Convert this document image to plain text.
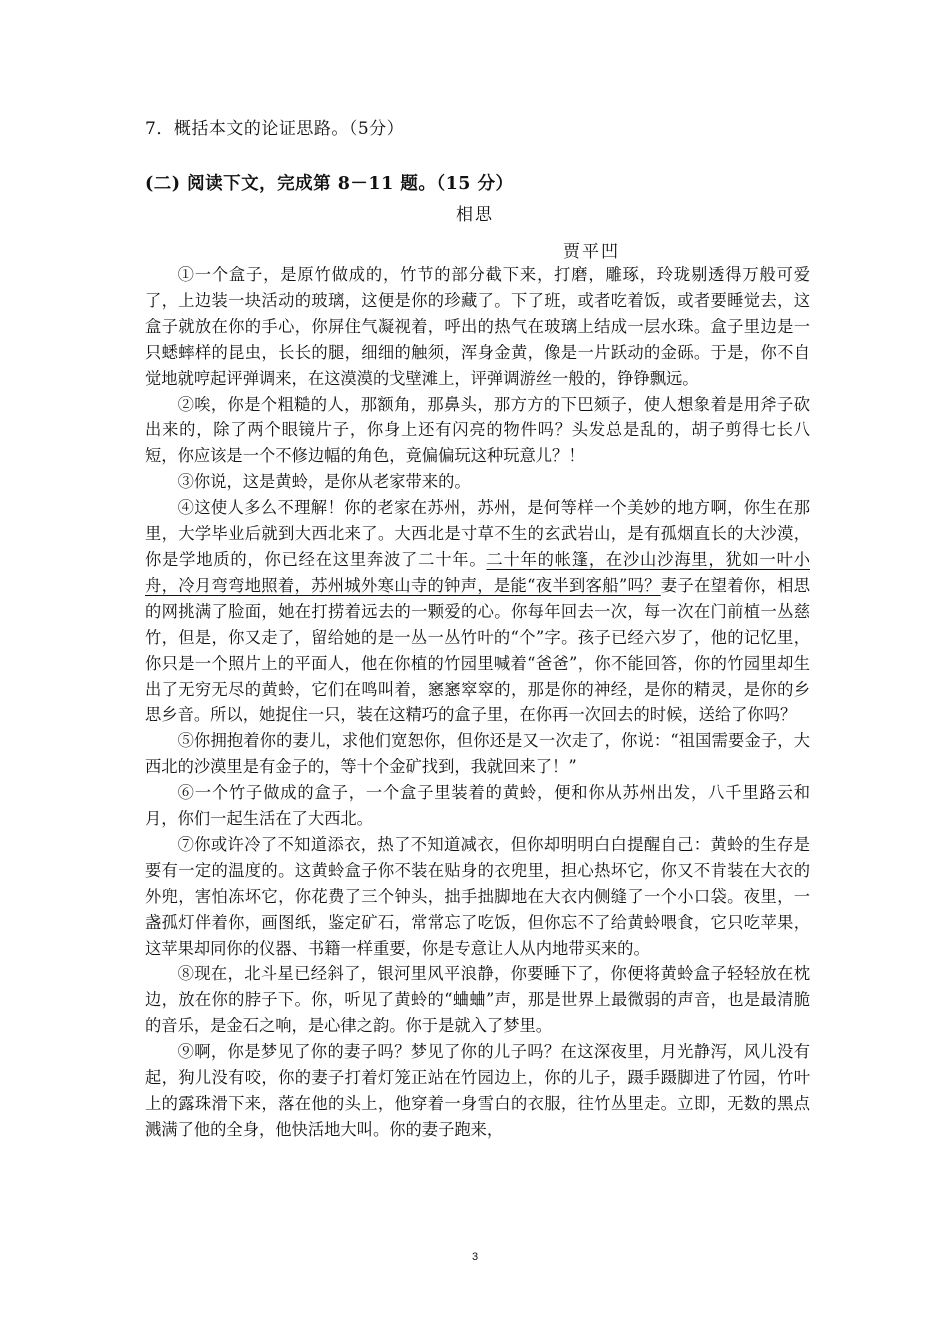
7．概括本文的论证思路。（5分）
(二) 阅读下文，完成第 8－11 题。（15 分）
相思
贾平凹

①一个盒子，是原竹做成的，竹节的部分截下来，打磨，雕琢，玲珑剔透得万般可爱了，上边装一块活动的玻璃，这便是你的珍藏了。下了班，或者吃着饭，或者要睡觉去，这盒子就放在你的手心，你屏住气凝视着，呼出的热气在玻璃上结成一层水珠。盒子里边是一只蟋蟀样的昆虫，长长的腿，细细的触须，浑身金黄，像是一片跃动的金砾。于是，你不自觉地就哼起评弹调来，在这漠漠的戈壁滩上，评弹调游丝一般的，铮铮飘远。

②唉，你是个粗糙的人，那额角，那鼻头，那方方的下巴颏子，使人想象着是用斧子砍出来的，除了两个眼镜片子，你身上还有闪亮的物件吗？头发总是乱的，胡子剪得七长八短，你应该是一个不修边幅的角色，竟偏偏玩这种玩意儿？！

③你说，这是黄蛉，是你从老家带来的。

④这使人多么不理解！你的老家在苏州，苏州，是何等样一个美妙的地方啊，你生在那里，大学毕业后就到大西北来了。大西北是寸草不生的玄武岩山，是有孤烟直长的大沙漠，你是学地质的，你已经在这里奔波了二十年。二十年的帐篷，在沙山沙海里，犹如一叶小舟，冷月弯弯地照着，苏州城外寒山寺的钟声，是能“夜半到客船”吗？妻子在望着你，相思的网挑满了脸面，她在打捞着远去的一颗爱的心。你每年回去一次，每一次在门前植一丛慈竹，但是，你又走了，留给她的是一丛一丛竹叶的“个”字。孩子已经六岁了，他的记忆里，你只是一个照片上的平面人，他在你植的竹园里喊着“爸爸”，你不能回答，你的竹园里却生出了无穷无尽的黄蛉，它们在鸣叫着，窸窸窣窣的，那是你的神经，是你的精灵，是你的乡思乡音。所以，她捉住一只，装在这精巧的盒子里，在你再一次回去的时候，送给了你吗？

⑤你拥抱着你的妻儿，求他们宽恕你，但你还是又一次走了，你说：“祖国需要金子，大西北的沙漠里是有金子的，等十个金矿找到，我就回来了！”

⑥一个竹子做成的盒子，一个盒子里装着的黄蛉，便和你从苏州出发，八千里路云和月，你们一起生活在了大西北。

⑦你或许冷了不知道添衣，热了不知道减衣，但你却明明白白提醒自己：黄蛉的生存是要有一定的温度的。这黄蛉盒子你不装在贴身的衣兜里，担心热坏它，你又不肯装在大衣的外兜，害怕冻坏它，你花费了三个钟头，拙手拙脚地在大衣内侧缝了一个小口袋。夜里，一盏孤灯伴着你，画图纸，鉴定矿石，常常忘了吃饭，但你忘不了给黄蛉喂食，它只吃苹果，这苹果却同你的仪器、书籍一样重要，你是专意让人从内地带买来的。

⑧现在，北斗星已经斜了，银河里风平浪静，你要睡下了，你便将黄蛉盒子轻轻放在枕边，放在你的脖子下。你，听见了黄蛉的“蛐蛐”声，那是世界上最微弱的声音，也是最清脆的音乐，是金石之响，是心律之韵。你于是就入了梦里。

⑨啊，你是梦见了你的妻子吗？梦见了你的儿子吗？在这深夜里，月光静泻，风儿没有起，狗儿没有咬，你的妻子打着灯笼正站在竹园边上，你的儿子，蹑手蹑脚进了竹园，竹叶上的露珠滑下来，落在他的头上，他穿着一身雪白的衣服，往竹丛里走。立即，无数的黑点溅满了他的全身，他快活地大叫。你的妻子跑来，

3
